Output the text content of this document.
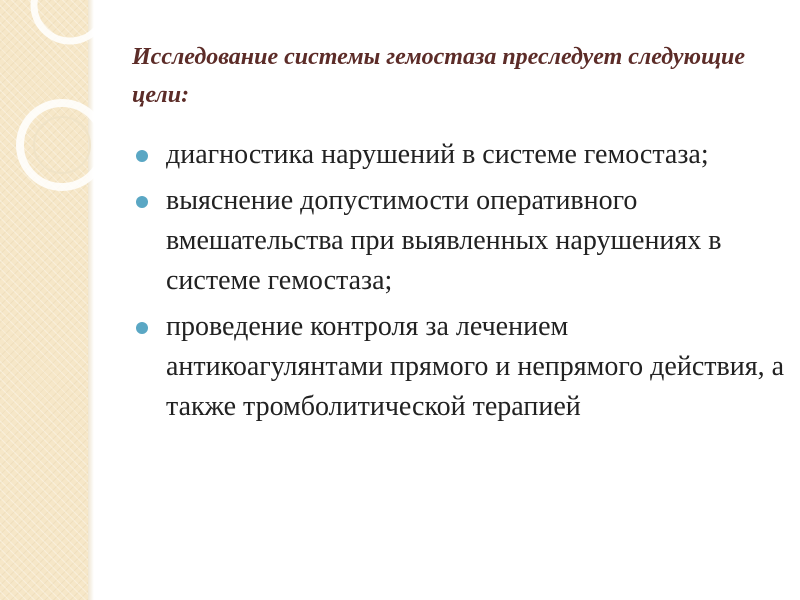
Исследование системы гемостаза преследует следующие цели:
диагностика нарушений в системе гемостаза;
выяснение допустимости оперативного вмешательства при выявленных нарушениях в системе гемостаза;
проведение контроля за лечением антикоагулянтами прямого и непрямого действия, а также тромболитической терапией
